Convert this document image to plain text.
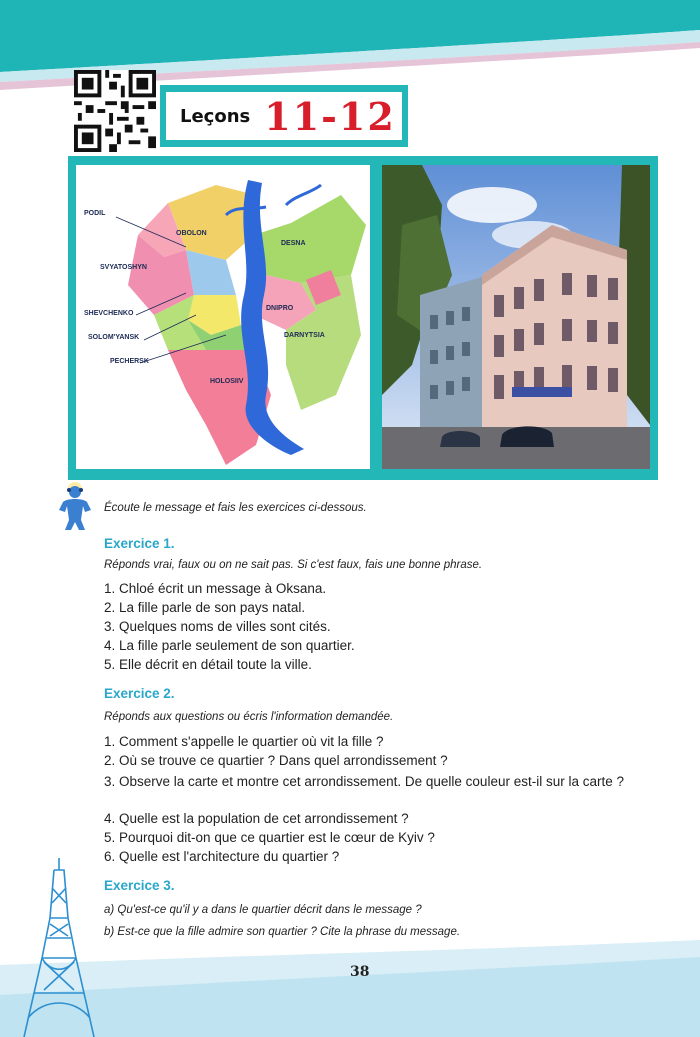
Leçons 11-12
PODIL
OBOLON
SVYATOSHYN
DESNA
SHEVCHENKO
DNIPRO
SOLOM'YANSK	DARNYTSIA
PECHERSK
HOLOSIIV
Écoute le message et fais les exercices ci-dessous.
Exercice 1.
Réponds vrai, faux ou on ne sait pas. Si c'est faux, fais une bonne phrase.
1. Chloé écrit un message à Oksana.
2. La fille parle de son pays natal.
3. Quelques noms de villes sont cités.
4. La fille parle seulement de son quartier.
5. Elle décrit en détail toute la ville.
Exercice 2.
Réponds aux questions ou écris l'information demandée.
1. Comment s'appelle le quartier où vit la fille ?
2. Où se trouve ce quartier ? Dans quel arrondissement ?
3. Observe la carte et montre cet arrondissement. De quelle couleur est-il sur la carte ?
4. Quelle est la population de cet arrondissement ?
5. Pourquoi dit-on que ce quartier est le cœur de Kyiv ?
6. Quelle est l'architecture du quartier ?
Exercice 3.
a) Qu'est-ce qu'il y a dans le quartier décrit dans le message ?
b) Est-ce que la fille admire son quartier ? Cite la phrase du message.
38
